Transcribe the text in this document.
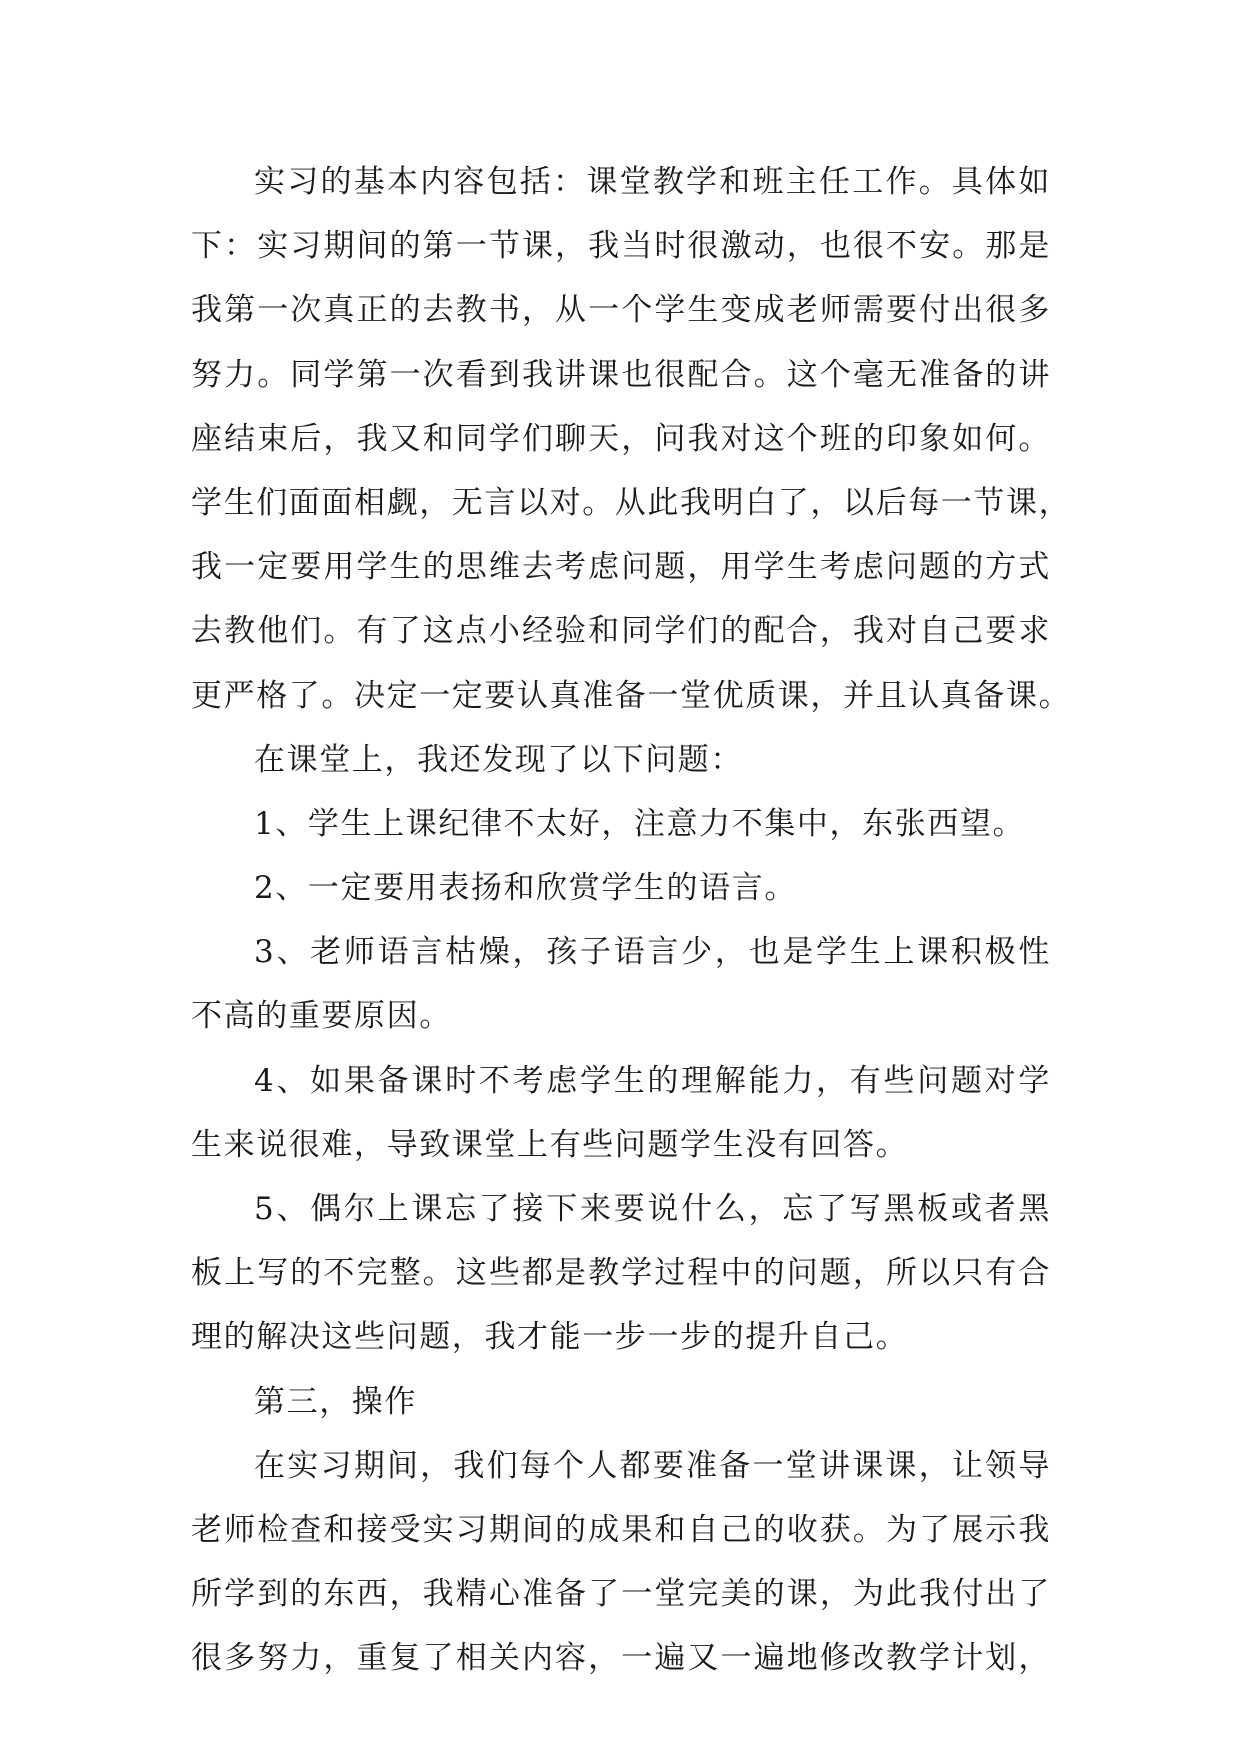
实习的基本内容包括：课堂教学和班主任工作。具体如
下：实习期间的第一节课，我当时很激动，也很不安。那是
我第一次真正的去教书，从一个学生变成老师需要付出很多
努力。同学第一次看到我讲课也很配合。这个毫无准备的讲
座结束后，我又和同学们聊天，问我对这个班的印象如何。
学生们面面相觑，无言以对。从此我明白了，以后每一节课，
我一定要用学生的思维去考虑问题，用学生考虑问题的方式
去教他们。有了这点小经验和同学们的配合，我对自己要求
更严格了。决定一定要认真准备一堂优质课，并且认真备课。
在课堂上，我还发现了以下问题：
1、学生上课纪律不太好，注意力不集中，东张西望。
2、一定要用表扬和欣赏学生的语言。
3、老师语言枯燥，孩子语言少，也是学生上课积极性
不高的重要原因。
4、如果备课时不考虑学生的理解能力，有些问题对学
生来说很难，导致课堂上有些问题学生没有回答。
5、偶尔上课忘了接下来要说什么，忘了写黑板或者黑
板上写的不完整。这些都是教学过程中的问题，所以只有合
理的解决这些问题，我才能一步一步的提升自己。
第三，操作
在实习期间，我们每个人都要准备一堂讲课课，让领导
老师检查和接受实习期间的成果和自己的收获。为了展示我
所学到的东西，我精心准备了一堂完美的课，为此我付出了
很多努力，重复了相关内容，一遍又一遍地修改教学计划，
